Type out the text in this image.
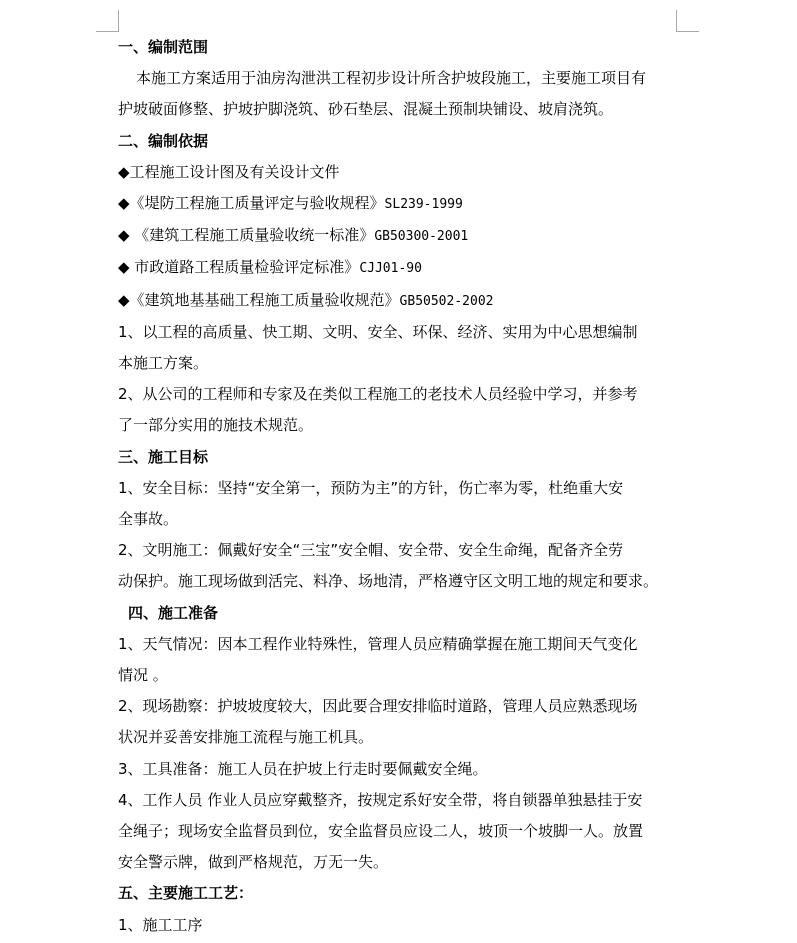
一、编制范围

本施工方案适用于油房沟泄洪工程初步设计所含护坡段施工，主要施工项目有

护坡破面修整、护坡护脚浇筑、砂石垫层、混凝土预制块铺设、坡肩浇筑。

二、编制依据

◆工程施工设计图及有关设计文件

◆《堤防工程施工质量评定与验收规程》SL239-1999

◆ 《建筑工程施工质量验收统一标准》GB50300-2001

◆ 市政道路工程质量检验评定标准》CJJ01-90

◆《建筑地基基础工程施工质量验收规范》GB50502-2002

1、以工程的高质量、快工期、文明、安全、环保、经济、实用为中心思想编制

本施工方案。

2、从公司的工程师和专家及在类似工程施工的老技术人员经验中学习，并参考

了一部分实用的施技术规范。

三、施工目标

1、安全目标：坚持“安全第一，预防为主”的方针，伤亡率为零，杜绝重大安

全事故。

2、文明施工：佩戴好安全“三宝”安全帽、安全带、安全生命绳，配备齐全劳

动保护。施工现场做到活完、料净、场地清，严格遵守区文明工地的规定和要求。

四、施工准备

1、天气情况：因本工程作业特殊性，管理人员应精确掌握在施工期间天气变化

情况 。

2、现场勘察：护坡坡度较大，因此要合理安排临时道路，管理人员应熟悉现场

状况并妥善安排施工流程与施工机具。

3、工具准备：施工人员在护坡上行走时要佩戴安全绳。

4、工作人员 作业人员应穿戴整齐，按规定系好安全带，将自锁器单独悬挂于安

全绳子；现场安全监督员到位，安全监督员应设二人，坡顶一个坡脚一人。放置

安全警示牌，做到严格规范，万无一失。

五、主要施工工艺：

1、施工工序
